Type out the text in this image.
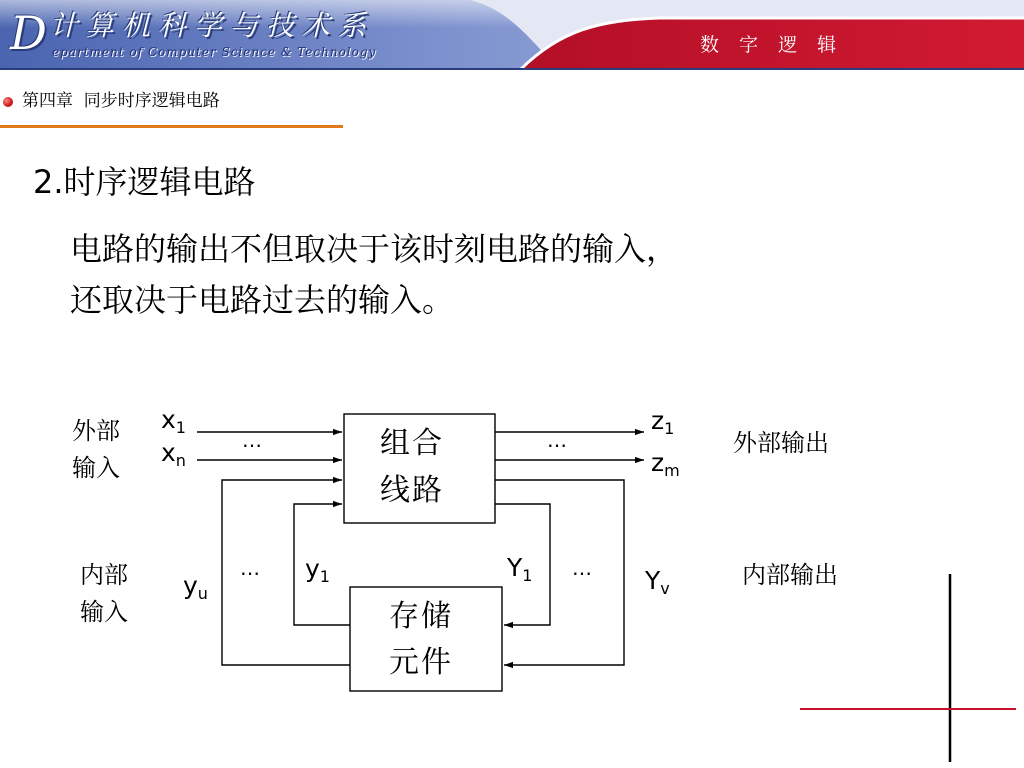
D 计算机科学与技术系
epartment of Computer Science & Technology	数 字 逻 辑
第四章  同步时序逻辑电路
2.时序逻辑电路
电路的输出不但取决于该时刻电路的输入，
还取决于电路过去的输入。
组合
线路
存储
元件
外部
输入
内部
输入
外部输出
内部输出
$x_1$
$x_n$
$z_1$
$z_m$
$y_1$
$y_u$
$Y_1$	$Y_v$
…	…
…	…
